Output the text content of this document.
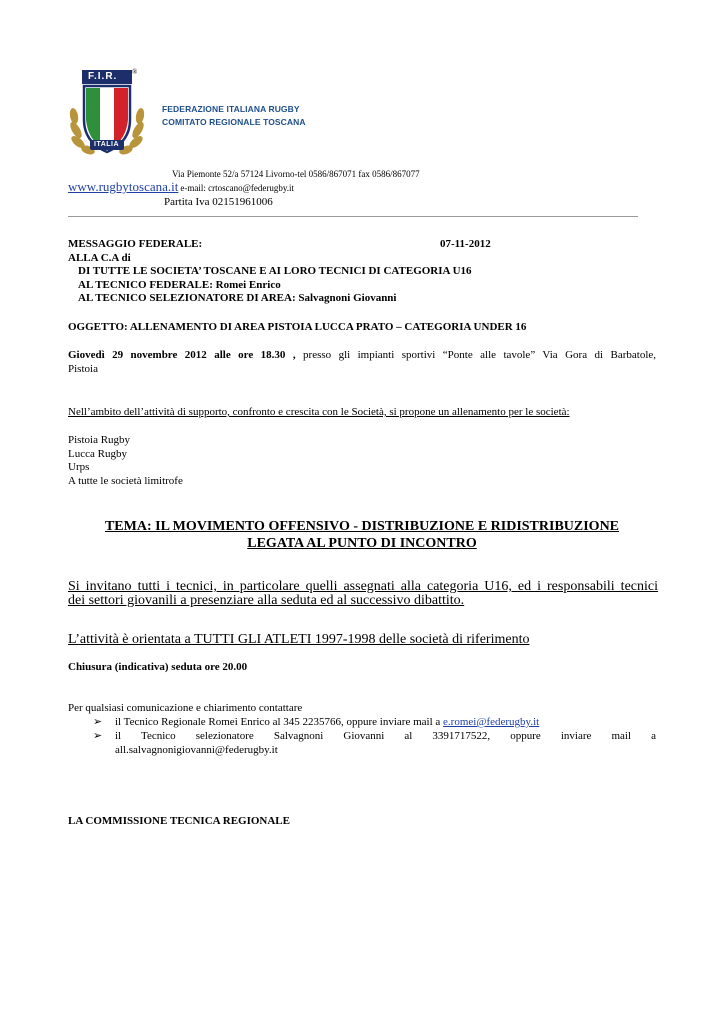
F.I.R.
ITALIA
®
FEDERAZIONE ITALIANA RUGBY
COMITATO REGIONALE TOSCANA
Via Piemonte 52/a 57124 Livorno-tel 0586/867071 fax 0586/867077
www.rugbytoscana.it e-mail: crtoscano@federugby.it
Partita Iva 02151961006
MESSAGGIO FEDERALE:	07-11-2012
ALLA C.A di
DI TUTTE LE SOCIETA’ TOSCANE E AI LORO TECNICI DI CATEGORIA U16
AL TECNICO FEDERALE: Romei Enrico
AL TECNICO SELEZIONATORE DI AREA: Salvagnoni Giovanni
OGGETTO: ALLENAMENTO DI AREA PISTOIA LUCCA PRATO – CATEGORIA UNDER 16
Giovedì 29 novembre 2012 alle ore 18.30 , presso gli impianti sportivi “Ponte alle tavole” Via Gora di Barbatole,
Pistoia
Nell’ambito dell’attività di supporto, confronto e crescita con le Società, si propone un allenamento per le società:
Pistoia Rugby
Lucca Rugby
Urps
A tutte le società limitrofe
TEMA: IL MOVIMENTO OFFENSIVO - DISTRIBUZIONE E RIDISTRIBUZIONE
LEGATA AL PUNTO DI INCONTRO
Si invitano tutti i tecnici, in particolare quelli assegnati alla categoria U16, ed i responsabili tecnici
dei settori giovanili a presenziare alla seduta ed al successivo dibattito.
L’attività è orientata a TUTTI GLI ATLETI 1997-1998 delle società di riferimento
Chiusura (indicativa) seduta ore 20.00
Per qualsiasi comunicazione e chiarimento contattare
➢ il Tecnico Regionale Romei Enrico al 345 2235766, oppure inviare mail a e.romei@federugby.it
➢ il Tecnico selezionatore Salvagnoni Giovanni al 3391717522, oppure inviare mail a
all.salvagnonigiovanni@federugby.it
LA COMMISSIONE TECNICA REGIONALE
